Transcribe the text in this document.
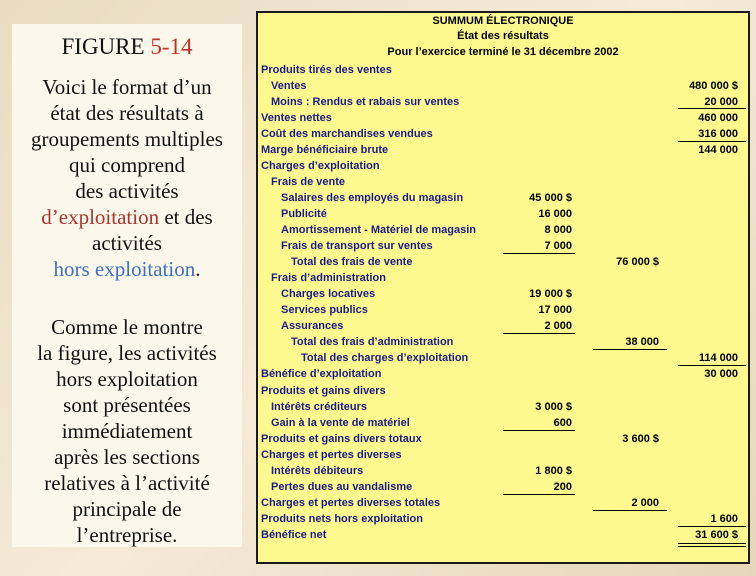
FIGURE 5-14
Voici le format d’un
état des résultats à
groupements multiples
qui comprend
des activités
d’exploitation et des
activités
hors exploitation.
Comme le montre
la figure, les activités
hors exploitation
sont présentées
immédiatement
après les sections
relatives à l’activité
principale de
l’entreprise.
SUMMUM ÉLECTRONIQUE
État des résultats
Pour l’exercice terminé le 31 décembre 2002
Produits tirés des ventes
Ventes
Moins : Rendus et rabais sur ventes
Ventes nettes
Coût des marchandises vendues
Marge bénéficiaire brute
Charges d’exploitation
Frais de vente
Salaires des employés du magasin
Publicité
Amortissement - Matériel de magasin
Frais de transport sur ventes
Total des frais de vente
Frais d’administration
Charges locatives
Services publics
Assurances
Total des frais d’administration
Total des charges d’exploitation
Bénéfice d’exploitation
Produits et gains divers
Intérêts créditeurs
Gain à la vente de matériel
Produits et gains divers totaux
Charges et pertes diverses
Intérêts débiteurs
Pertes dues au vandalisme
Charges et pertes diverses totales
Produits nets hors exploitation
Bénéfice net
480 000 $
20 000
460 000
316 000
144 000
114 000
30 000
1 600
31 600 $
45 000 $
16 000
8 000
7 000
19 000 $
17 000
2 000
3 000 $
600
1 800 $
200
76 000 $
38 000
3 600 $
2 000
